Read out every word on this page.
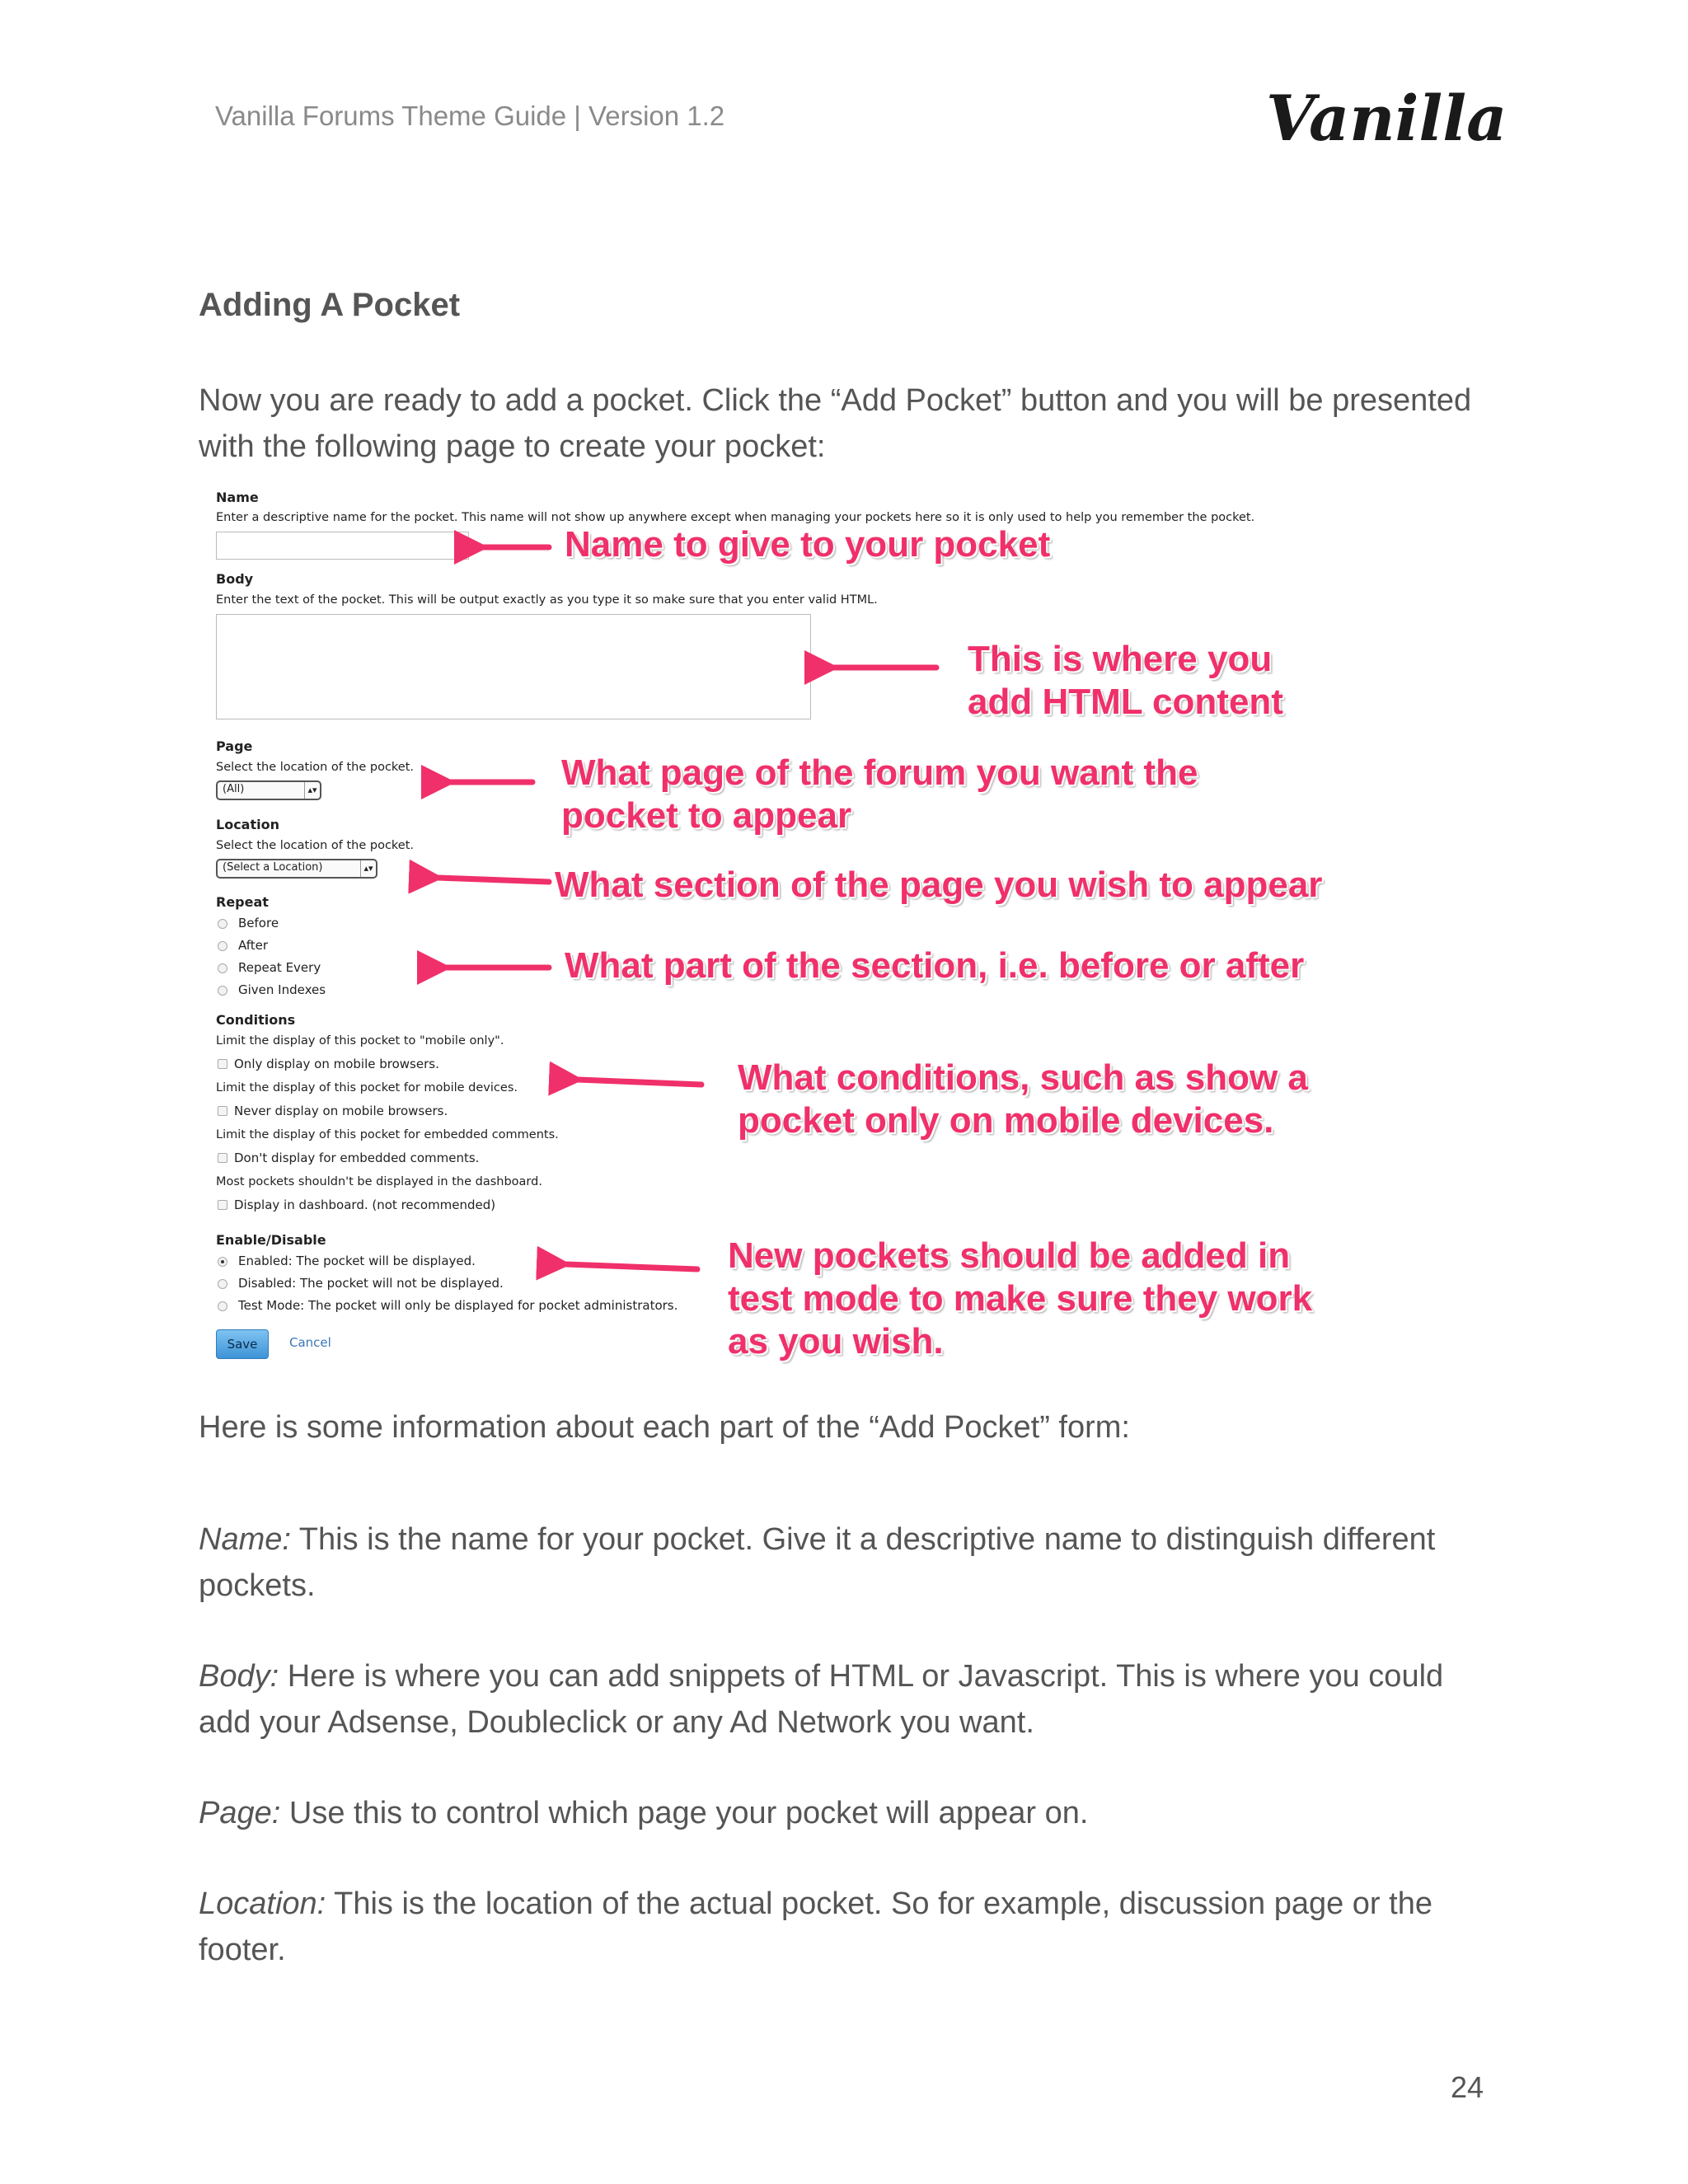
Vanilla Forums Theme Guide | Version 1.2	Vanilla
Adding A Pocket
Now you are ready to add a pocket. Click the “Add Pocket” button and you will be presented with the following page to create your pocket:
Name
Enter a descriptive name for the pocket. This name will not show up anywhere except when managing your pockets here so it is only used to help you remember the pocket.
Body
Enter the text of the pocket. This will be output exactly as you type it so make sure that you enter valid HTML.
Page
Select the location of the pocket.
(All)	▴▾
Location
Select the location of the pocket.
(Select a Location)	▴▾
Repeat
Before
After
Repeat Every
Given Indexes
Conditions
Limit the display of this pocket to "mobile only".
Only display on mobile browsers.
Limit the display of this pocket for mobile devices.
Never display on mobile browsers.
Limit the display of this pocket for embedded comments.
Don't display for embedded comments.
Most pockets shouldn't be displayed in the dashboard.
Display in dashboard. (not recommended)
Enable/Disable
Enabled: The pocket will be displayed.
Disabled: The pocket will not be displayed.
Test Mode: The pocket will only be displayed for pocket administrators.
Save	Cancel
Name to give to your pocket
This is where you
add HTML content
What page of the forum you want the
pocket to appear
What section of the page you wish to appear
What part of the section, i.e. before or after
What conditions, such as show a
pocket only on mobile devices.
New pockets should be added in
test mode to make sure they work
as you wish.
Here is some information about each part of the “Add Pocket” form:
Name: This is the name for your pocket. Give it a descriptive name to distinguish different pockets.
Body: Here is where you can add snippets of HTML or Javascript. This is where you could add your Adsense, Doubleclick or any Ad Network you want.
Page: Use this to control which page your pocket will appear on.
Location: This is the location of the actual pocket. So for example, discussion page or the footer.
24
